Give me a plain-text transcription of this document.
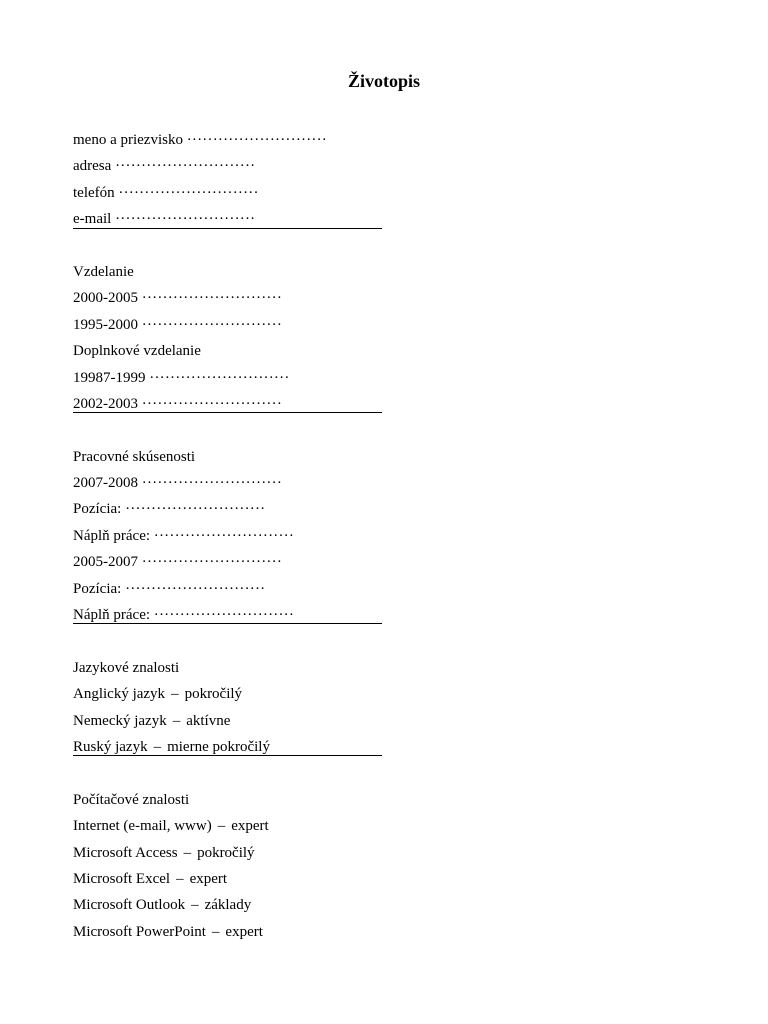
Životopis
meno a priezvisko ···························
adresa ···························
telefón ···························
e-mail ···························
Vzdelanie
2000-2005 ···························
1995-2000 ···························
Doplnkové vzdelanie
19987-1999 ···························
2002-2003 ···························
Pracovné skúsenosti
2007-2008 ···························
Pozícia: ···························
Náplň práce: ···························
2005-2007 ···························
Pozícia: ···························
Náplň práce: ···························
Jazykové znalosti
Anglický jazyk – pokročilý
Nemecký jazyk – aktívne
Ruský jazyk – mierne pokročilý
Počítačové znalosti
Internet (e-mail, www) – expert
Microsoft Access – pokročilý
Microsoft Excel – expert
Microsoft Outlook – základy
Microsoft PowerPoint – expert
